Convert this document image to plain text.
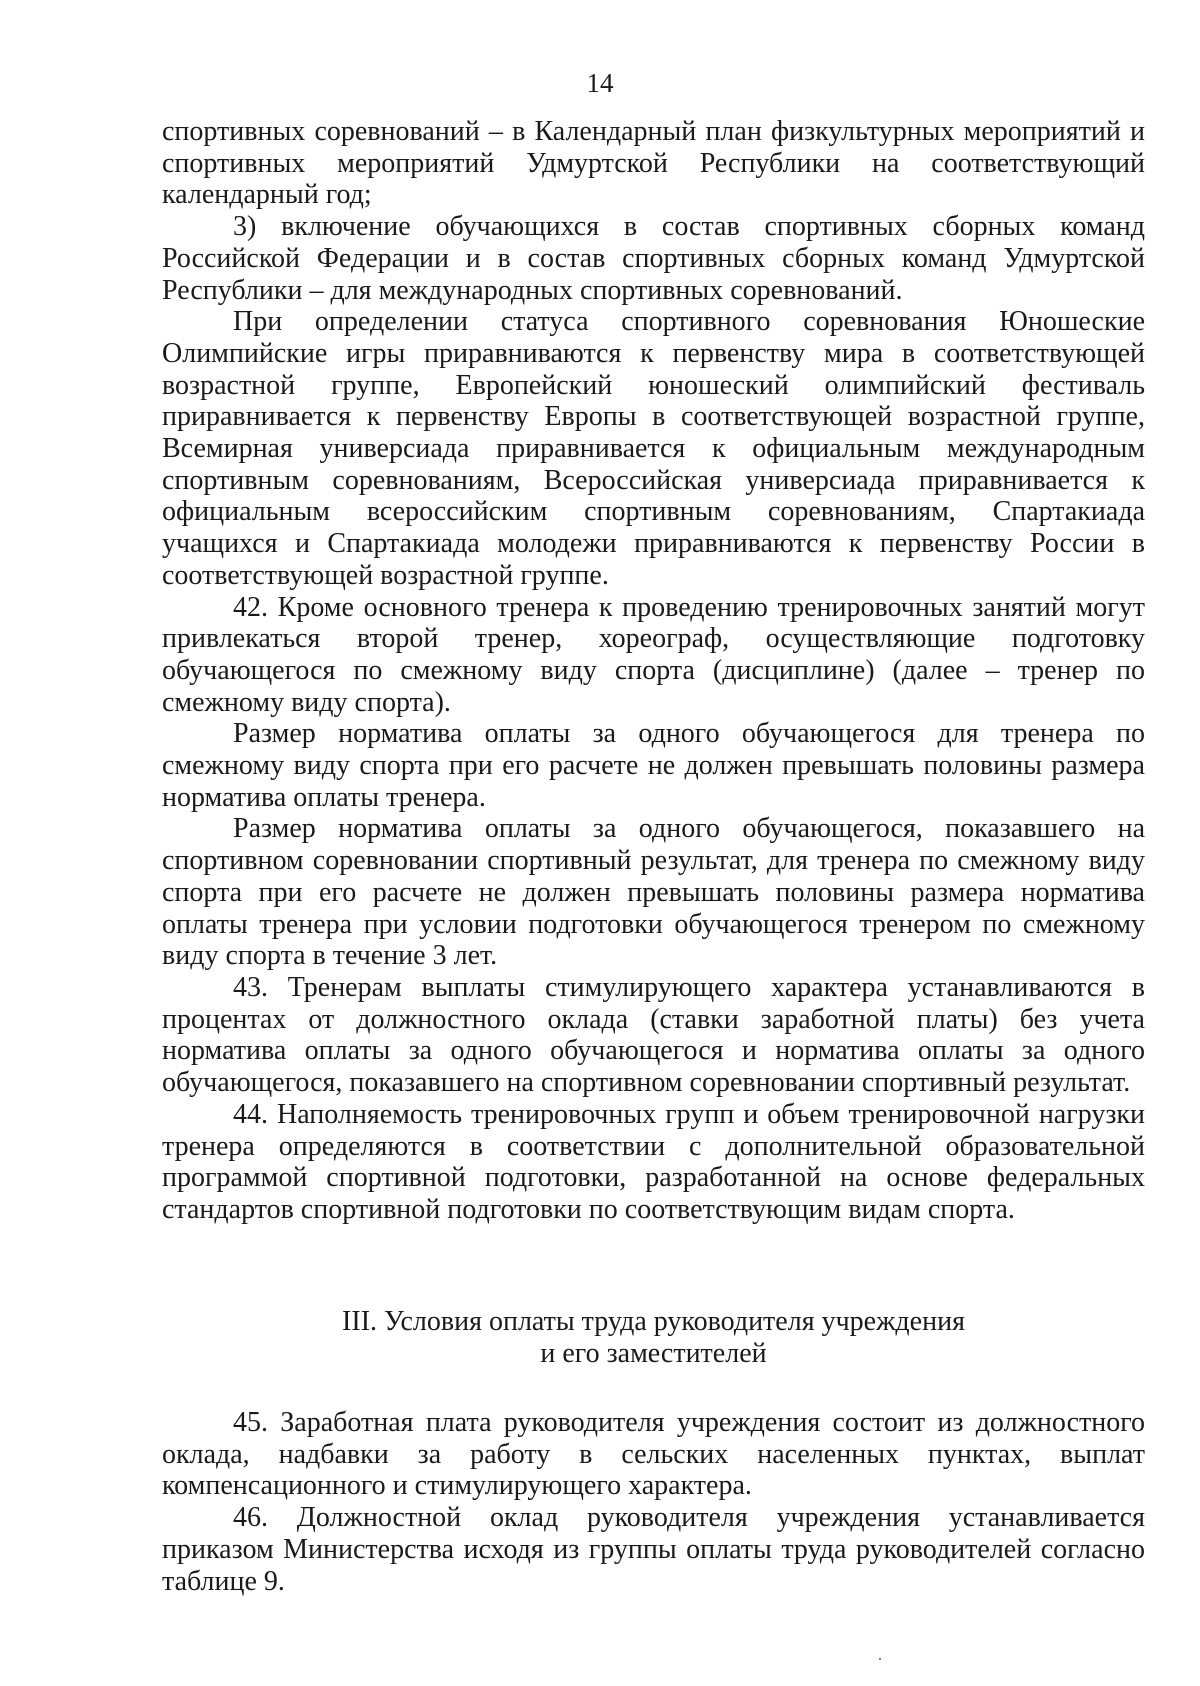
14

спортивных соревнований – в Календарный план физкультурных мероприятий и спортивных мероприятий Удмуртской Республики на соответствующий календарный год;

3) включение обучающихся в состав спортивных сборных команд Российской Федерации и в состав спортивных сборных команд Удмуртской Республики – для международных спортивных соревнований.

При определении статуса спортивного соревнования Юношеские Олимпийские игры приравниваются к первенству мира в соответствующей возрастной группе, Европейский юношеский олимпийский фестиваль приравнивается к первенству Европы в соответствующей возрастной группе, Всемирная универсиада приравнивается к официальным международным спортивным соревнованиям, Всероссийская универсиада приравнивается к официальным всероссийским спортивным соревнованиям, Спартакиада учащихся и Спартакиада молодежи приравниваются к первенству России в соответствующей возрастной группе.

42. Кроме основного тренера к проведению тренировочных занятий могут привлекаться второй тренер, хореограф, осуществляющие подготовку обучающегося по смежному виду спорта (дисциплине) (далее – тренер по смежному виду спорта).

Размер норматива оплаты за одного обучающегося для тренера по смежному виду спорта при его расчете не должен превышать половины размера норматива оплаты тренера.

Размер норматива оплаты за одного обучающегося, показавшего на спортивном соревновании спортивный результат, для тренера по смежному виду спорта при его расчете не должен превышать половины размера норматива оплаты тренера при условии подготовки обучающегося тренером по смежному виду спорта в течение 3 лет.

43. Тренерам выплаты стимулирующего характера устанавливаются в процентах от должностного оклада (ставки заработной платы) без учета норматива оплаты за одного обучающегося и норматива оплаты за одного обучающегося, показавшего на спортивном соревновании спортивный результат.

44. Наполняемость тренировочных групп и объем тренировочной нагрузки тренера определяются в соответствии с дополнительной образовательной программой спортивной подготовки, разработанной на основе федеральных стандартов спортивной подготовки по соответствующим видам спорта.

III. Условия оплаты труда руководителя учреждения
и его заместителей

45. Заработная плата руководителя учреждения состоит из должностного оклада, надбавки за работу в сельских населенных пунктах, выплат компенсационного и стимулирующего характера.

46. Должностной оклад руководителя учреждения устанавливается приказом Министерства исходя из группы оплаты труда руководителей согласно таблице 9.
